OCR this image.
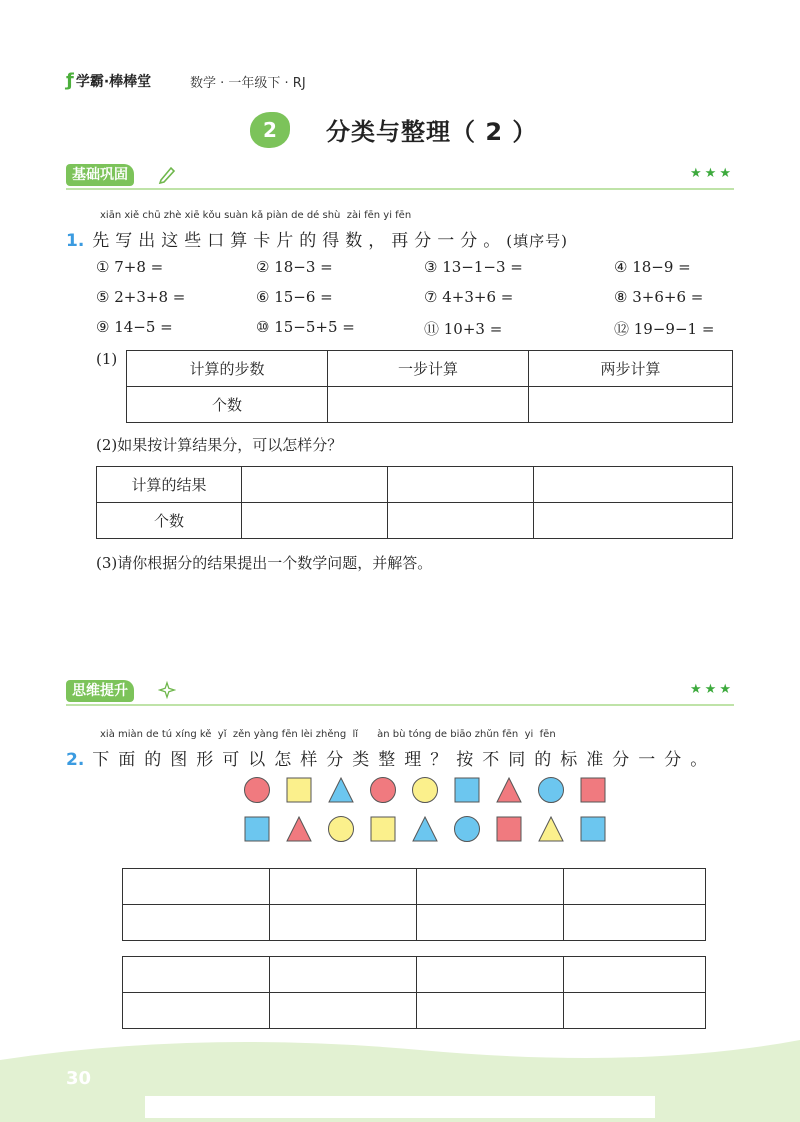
ƒ 学霸·棒棒堂	数学 · 一年级下 · RJ
2	分类与整理（ 2 ）
基础巩固	★★★
xiān xiě chū zhè xiē kǒu suàn kǎ piàn de dé shù  zài fēn yi fēn
1. 先写出这些口算卡片的得数，再分一分。 (填序号)
① 7+8 =	② 18−3 =	③ 13−1−3 =	④ 18−9 =
⑤ 2+3+8 =	⑥ 15−6 =	⑦ 4+3+6 =	⑧ 3+6+6 =
⑨ 14−5 =	⑩ 15−5+5 =	⑪ 10+3 =	⑫ 19−9−1 =
(1)
计算的步数	一步计算	两步计算
个数		
(2)如果按计算结果分，可以怎样分？
计算的结果			
个数			
(3)请你根据分的结果提出一个数学问题，并解答。
思维提升	★★★
xià miàn de tú xíng kě  yǐ  zěn yàng fēn lèi zhěng  lǐ      àn bù tóng de biāo zhǔn fēn  yi  fēn
2. 下面的图形可以怎样分类整理？按不同的标准分一分。

30
